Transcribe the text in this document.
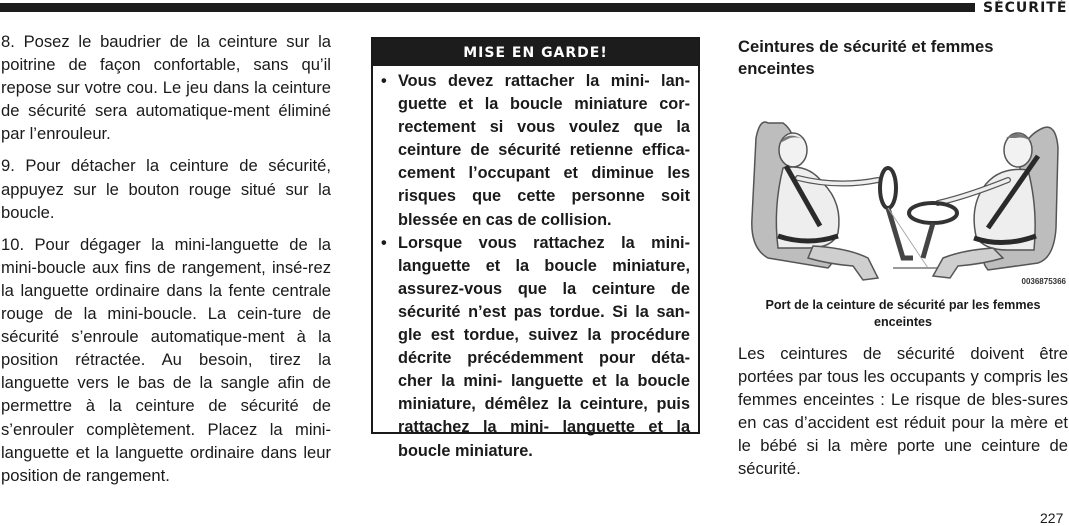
SÉCURITÉ

8. Posez le baudrier de la ceinture sur la poitrine de façon confortable, sans qu’il repose sur votre cou. Le jeu dans la ceinture de sécurité sera automatique-ment éliminé par l’enrouleur.

9. Pour détacher la ceinture de sécurité, appuyez sur le bouton rouge situé sur la boucle.

10. Pour dégager la mini-languette de la mini-boucle aux fins de rangement, insé-rez la languette ordinaire dans la fente centrale rouge de la mini-boucle. La cein-ture de sécurité s’enroule automatique-ment à la position rétractée. Au besoin, tirez la languette vers le bas de la sangle afin de permettre à la ceinture de sécurité de s’enrouler complètement. Placez la mini-languette et la languette ordinaire dans leur position de rangement.

MISE EN GARDE!
• Vous devez rattacher la mini- lan-guette et la boucle miniature cor-rectement si vous voulez que la ceinture de sécurité retienne effica-cement l’occupant et diminue les risques que cette personne soit blessée en cas de collision.
• Lorsque vous rattachez la mini-languette et la boucle miniature, assurez-vous que la ceinture de sécurité n’est pas tordue. Si la san-gle est tordue, suivez la procédure décrite précédemment pour déta-cher la mini- languette et la boucle miniature, démêlez la ceinture, puis rattachez la mini- languette et la boucle miniature.
Ceintures de sécurité et femmes enceintes
0036875366
Port de la ceinture de sécurité par les femmes enceintes
Les ceintures de sécurité doivent être portées par tous les occupants y compris les femmes enceintes : Le risque de bles-sures en cas d’accident est réduit pour la mère et le bébé si la mère porte une ceinture de sécurité.
227
